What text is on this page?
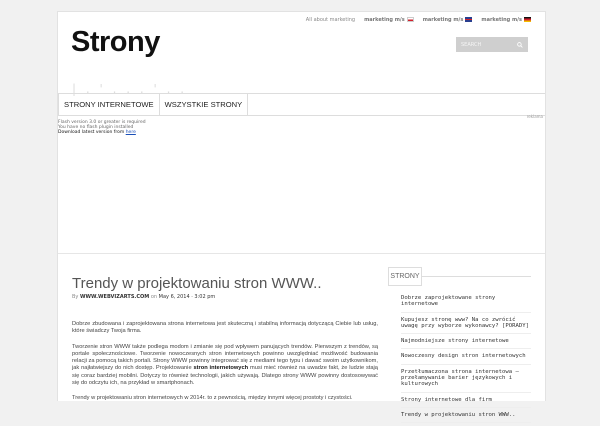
All about marketing marketing m/s	marketing m/s	marketing m/s
Strony
| . ' . . . ' . .
SEARCH
STRONY INTERNETOWE	WSZYSTKIE STRONY
reklama
Flash version 3.0 or greater is required
You have no flash plugin installed
Download latest version from here
Trendy w projektowaniu stron WWW..
By WWW.WEBVIZARTS.COM on May 6, 2014 · 3:02 pm

Dobrze zbudowana i zaprojektowana strona internetowa jest skuteczną i stabilną informacją dotyczącą Ciebie lub usług, które świadczy Twoja firma.

Tworzenie stron WWW także podlega modom i zmianie się pod wpływem panujących trendów. Pierwszym z trendów, są portale społecznościowe. Tworzenie nowoczesnych stron internetowych powinno uwzględniać możliwość budowania relacji za pomocą takich portali. Strony WWW powinny integrować się z mediami tego typu i dawać swoim użytkownikom, jak najłatwiejszy do nich dostęp. Projektowanie stron internetowych musi mieć również na uwadze fakt, że ludzie stają się coraz bardziej mobilni. Dotyczy to również technologii, jakich używają. Dlatego strony WWW powinny dostosowywać się do odczytu ich, na przykład w smartphonach.

Trendy w projektowaniu stron internetowych w 2014r. to z pewnością, między innymi więcej prostoty i czystości.

STRONY
Dobrze zaprojektowane strony internetowe
Kupujesz stronę www? Na co zwrócić uwagę przy wyborze wykonawcy? [PORADY]
Najmodniejsze strony internetowe
Nowoczesny design stron internetowych
Przetłumaczona strona internetowa – przełamywanie barier językowych i kulturowych
Strony internetowe dla firm
Trendy w projektowaniu stron WWW..
